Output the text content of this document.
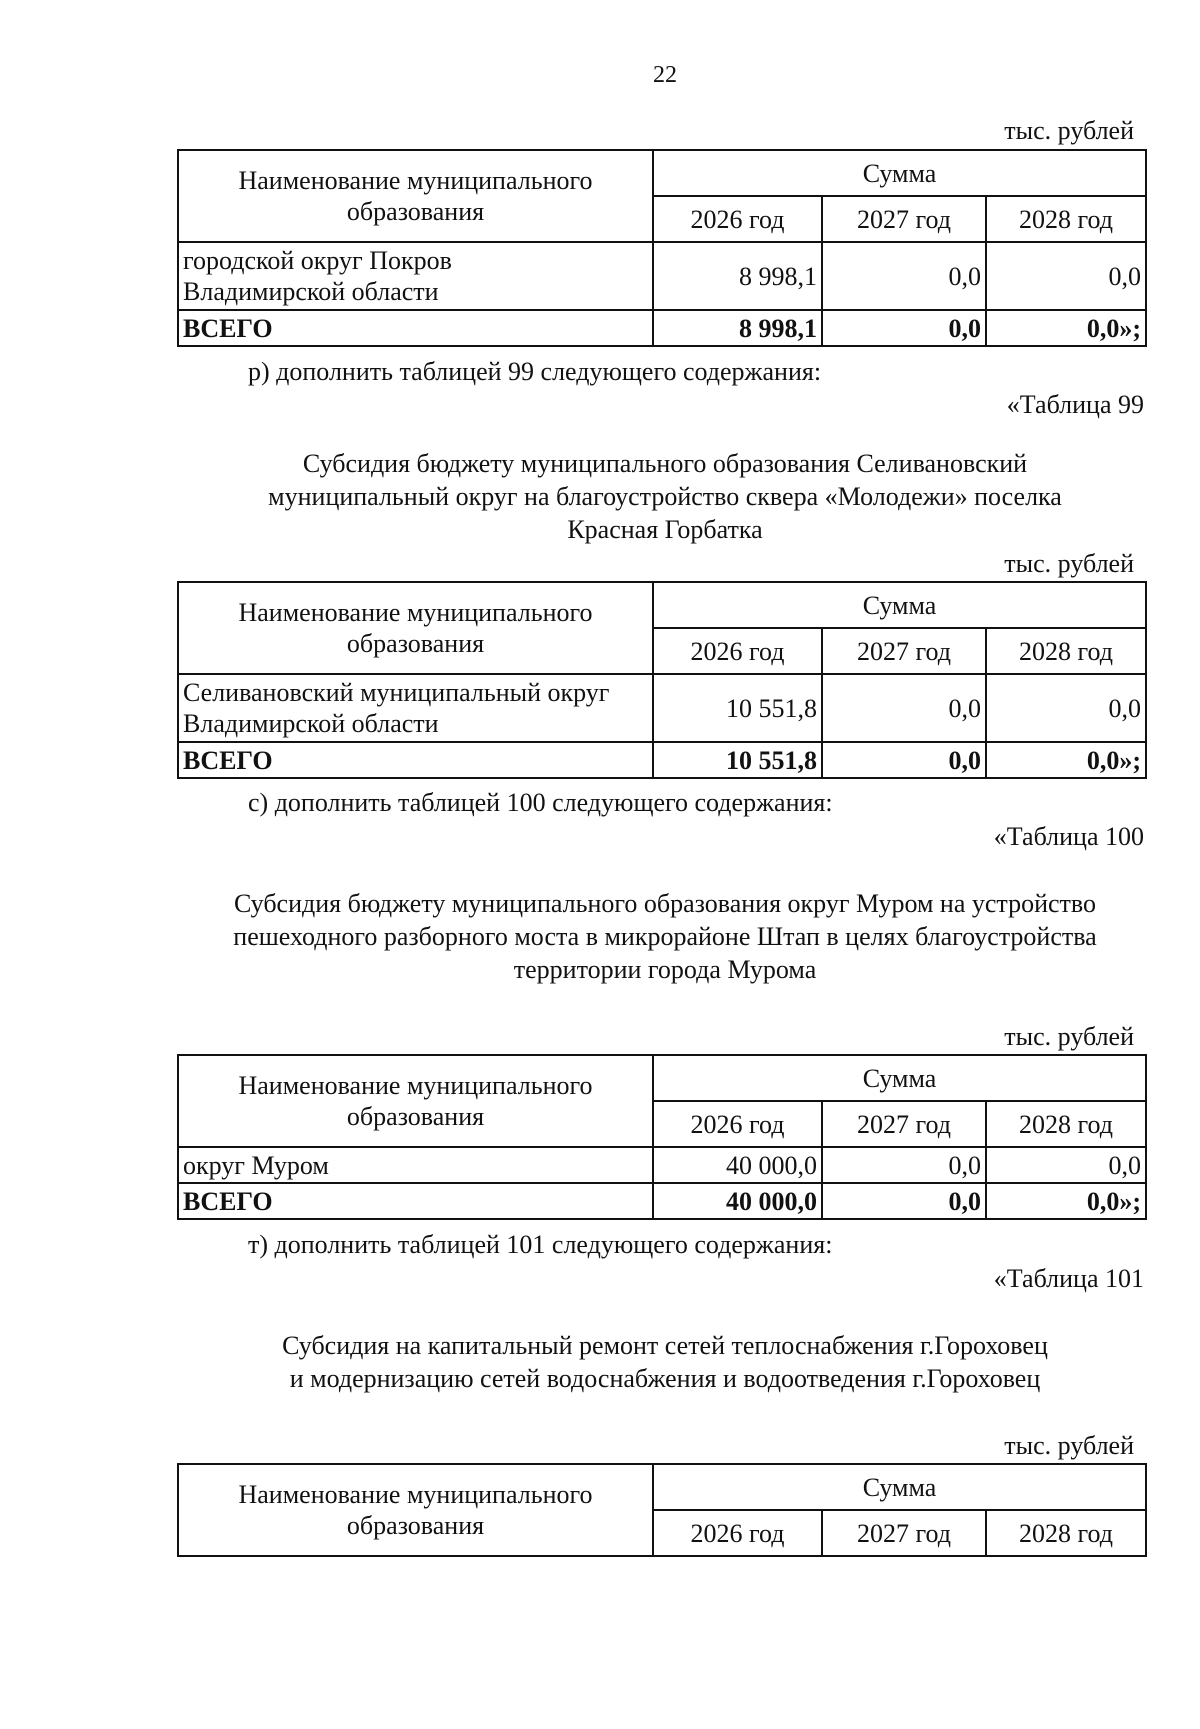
22
тыс. рублей
Наименование муниципального
образования	Сумма		
	2026 год	2027 год	2028 год

городской округ Покров
Владимирской области	8 998,1	0,0	0,0
ВСЕГО	8 998,1	0,0	0,0»;
р) дополнить таблицей 99 следующего содержания:
«Таблица 99
Субсидия бюджету муниципального образования Селивановский
муниципальный округ на благоустройство сквера «Молодежи» поселка
Красная Горбатка
тыс. рублей
Наименование муниципального
образования	Сумма		
	2026 год	2027 год	2028 год

Селивановский муниципальный округ
Владимирской области	10 551,8	0,0	0,0
ВСЕГО	10 551,8	0,0	0,0»;
с) дополнить таблицей 100 следующего содержания:
«Таблица 100
Субсидия бюджету муниципального образования округ Муром на устройство
пешеходного разборного моста в микрорайоне Штап в целях благоустройства
территории города Мурома
тыс. рублей
Наименование муниципального
образования	Сумма		
	2026 год	2027 год	2028 год
округ Муром	40 000,0	0,0	0,0
ВСЕГО	40 000,0	0,0	0,0»;
т) дополнить таблицей 101 следующего содержания:
«Таблица 101
Субсидия на капитальный ремонт сетей теплоснабжения г.Гороховец
и модернизацию сетей водоснабжения и водоотведения г.Гороховец
тыс. рублей
Наименование муниципального
образования	Сумма		
	2026 год	2027 год	2028 год
